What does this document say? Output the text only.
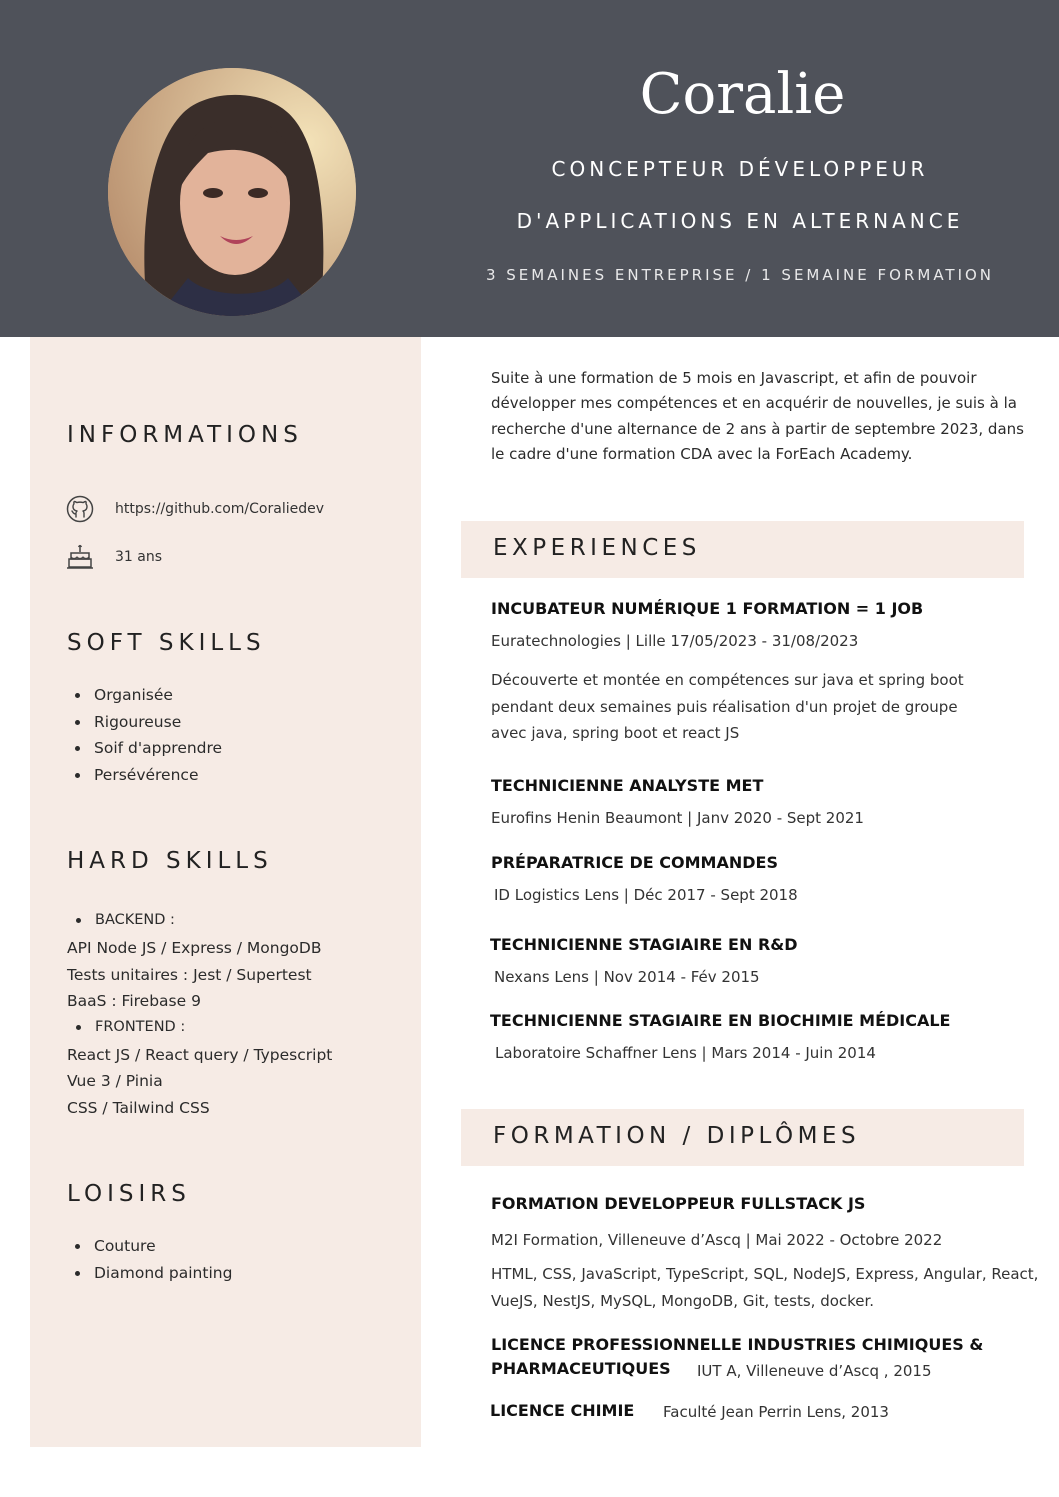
Coralie
CONCEPTEUR DÉVELOPPEUR
D'APPLICATIONS EN ALTERNANCE
3 SEMAINES ENTREPRISE / 1 SEMAINE FORMATION
INFORMATIONS
https://github.com/Coraliedev
31 ans
SOFT SKILLS
Organisée
Rigoureuse
Soif d'apprendre
Persévérence
HARD SKILLS
BACKEND :
API Node JS / Express / MongoDB
Tests unitaires : Jest / Supertest
BaaS : Firebase 9
FRONTEND :
React JS / React query / Typescript
Vue 3 / Pinia
CSS / Tailwind CSS
LOISIRS
Couture
Diamond painting
Suite à une formation de 5 mois en Javascript, et afin de pouvoir développer mes compétences et en acquérir de nouvelles, je suis à la recherche d'une alternance de 2 ans à partir de septembre 2023, dans le cadre d'une formation CDA avec la ForEach Academy.
EXPERIENCES
INCUBATEUR NUMÉRIQUE 1 FORMATION = 1 JOB
Euratechnologies | Lille 17/05/2023 - 31/08/2023
Découverte et montée en compétences sur java et spring boot pendant deux semaines puis réalisation d'un projet de groupe avec java, spring boot et react JS
TECHNICIENNE ANALYSTE MET
Eurofins Henin Beaumont | Janv 2020 - Sept 2021
PRÉPARATRICE DE COMMANDES
ID Logistics Lens | Déc 2017 - Sept 2018
TECHNICIENNE STAGIAIRE EN R&D
Nexans Lens | Nov 2014 - Fév 2015
TECHNICIENNE STAGIAIRE EN BIOCHIMIE MÉDICALE
Laboratoire Schaffner Lens | Mars 2014 - Juin 2014
FORMATION / DIPLÔMES
FORMATION DEVELOPPEUR FULLSTACK JS
M2I Formation, Villeneuve d’Ascq | Mai 2022 - Octobre 2022
HTML, CSS, JavaScript, TypeScript, SQL, NodeJS, Express, Angular, React, VueJS, NestJS, MySQL, MongoDB, Git, tests, docker.
LICENCE PROFESSIONNELLE INDUSTRIES CHIMIQUES &
PHARMACEUTIQUES IUT A, Villeneuve d’Ascq , 2015
LICENCE CHIMIE Faculté Jean Perrin Lens, 2013
